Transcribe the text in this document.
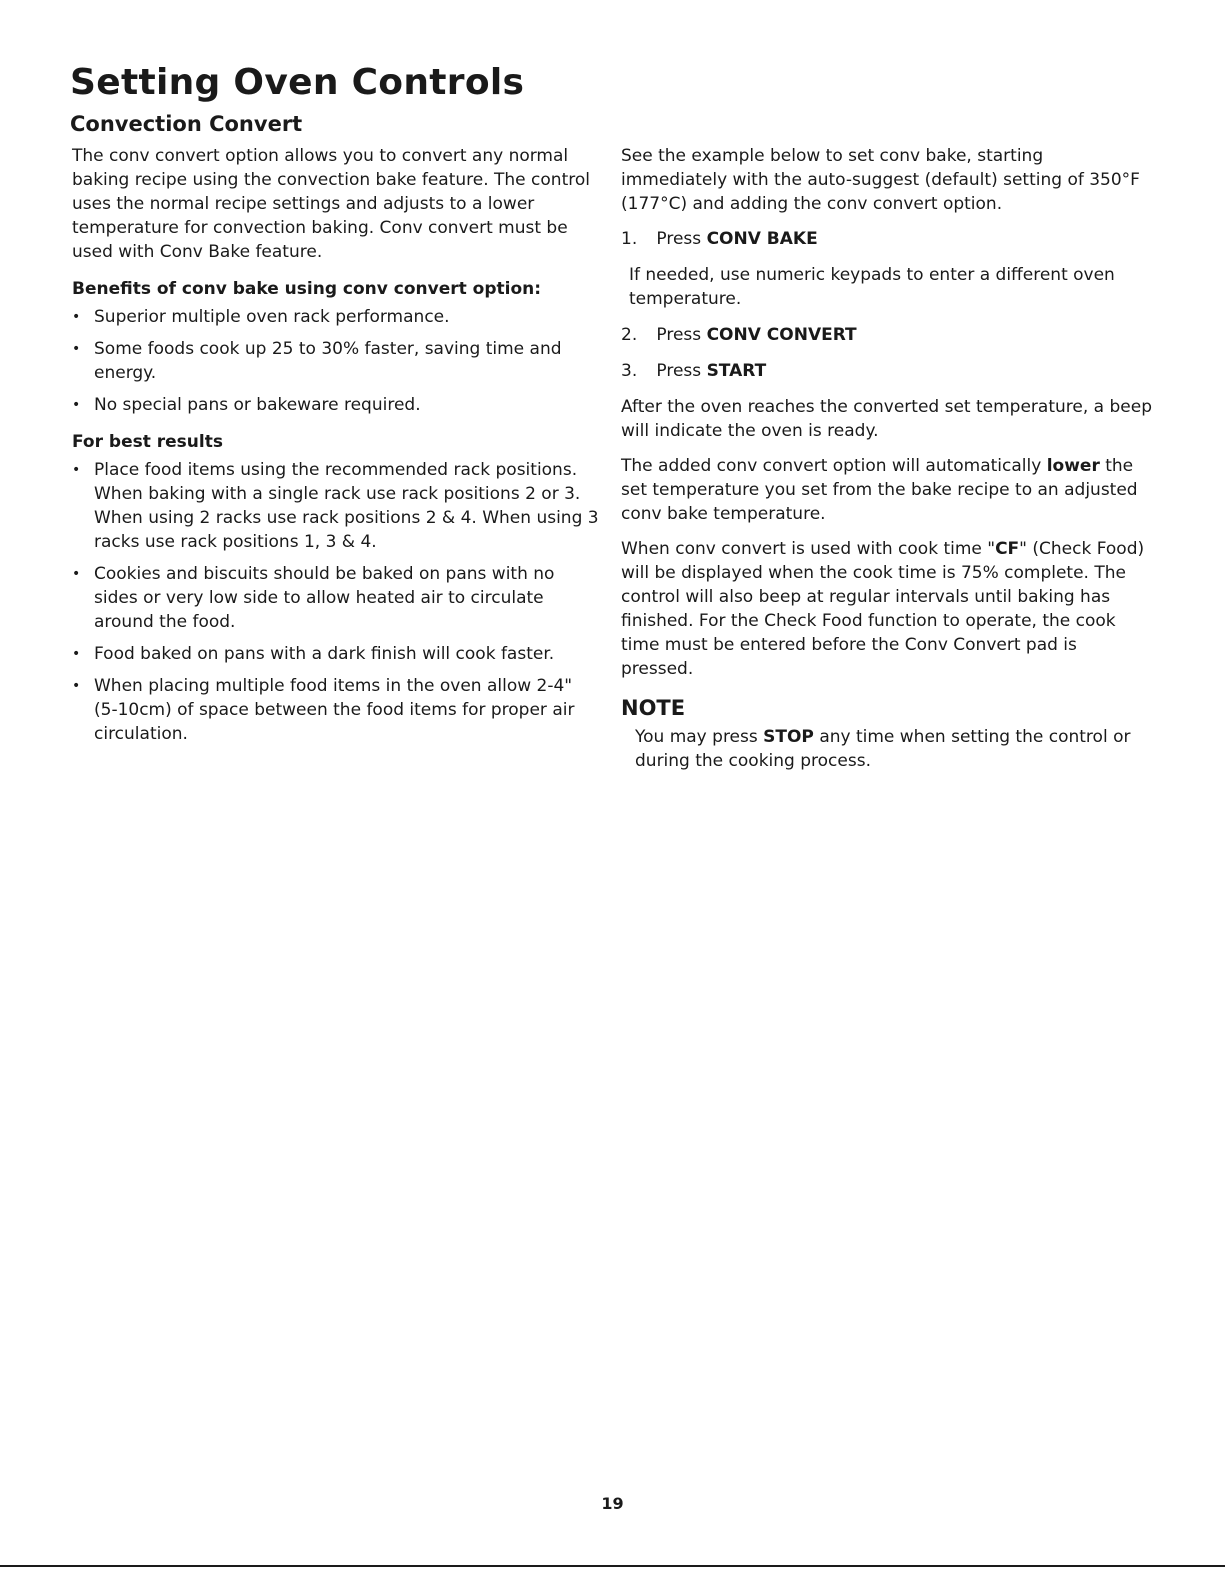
Setting Oven Controls
Convection Convert

The conv convert option allows you to convert any normal baking recipe using the convection bake feature. The control uses the normal recipe settings and adjusts to a lower temperature for convection baking. Conv convert must be used with Conv Bake feature.

Benefits of conv bake using conv convert option:
• Superior multiple oven rack performance.
• Some foods cook up 25 to 30% faster, saving time and energy.
• No special pans or bakeware required.
For best results
• Place food items using the recommended rack positions. When baking with a single rack use rack positions 2 or 3. When using 2 racks use rack positions 2 & 4. When using 3 racks use rack positions 1, 3 & 4.
• Cookies and biscuits should be baked on pans with no sides or very low side to allow heated air to circulate around the food.
• Food baked on pans with a dark finish will cook faster.
• When placing multiple food items in the oven allow 2-4" (5-10cm) of space between the food items for proper air circulation.

See the example below to set conv bake, starting immediately with the auto-suggest (default) setting of 350°F (177°C) and adding the conv convert option.

1. Press CONV BAKE

If needed, use numeric keypads to enter a different oven temperature.

2. Press CONV CONVERT
3. Press START

After the oven reaches the converted set temperature, a beep will indicate the oven is ready.

The added conv convert option will automatically lower the set temperature you set from the bake recipe to an adjusted conv bake temperature.

When conv convert is used with cook time "CF" (Check Food) will be displayed when the cook time is 75% complete. The control will also beep at regular intervals until baking has finished. For the Check Food function to operate, the cook time must be entered before the Conv Convert pad is pressed.

NOTE

You may press STOP any time when setting the control or during the cooking process.

19
